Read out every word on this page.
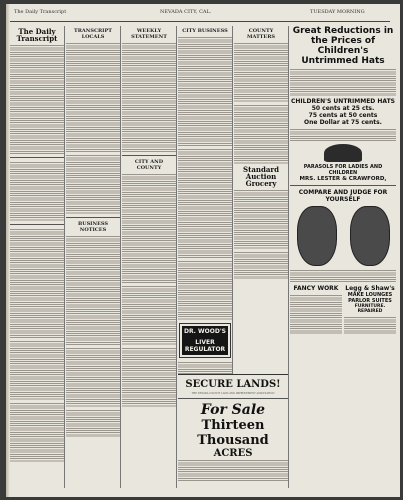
The Daily Transcript	NEVADA CITY, CAL.	TUESDAY MORNING
The Daily Transcript
TRANSCRIPT LOCALS
BUSINESS NOTICES
WEEKLY STATEMENT
CITY AND COUNTY
CITY BUSINESS
DR. WOOD'S
LIVER REGULATOR
COUNTY MATTERS
Standard Auction Grocery
SECURE LANDS!
THE NEVADA COUNTY LAND AND IMPROVEMENT ASSOCIATION
For Sale
Thirteen Thousand
ACRES
Great Reductions in the Prices of Children's Untrimmed Hats
CHILDREN'S UNTRIMMED HATS
50 cents at 25 cts.
75 cents at 50 cents
One Dollar at 75 cents.
PARASOLS FOR LADIES AND CHILDREN
MRS. LESTER & CRAWFORD,
COMPARE AND JUDGE FOR YOURSELF
FANCY WORK	Legg & Shaw's
MAKE LOUNGES
PARLOR SUITES
FURNITURE. REPAIRED
